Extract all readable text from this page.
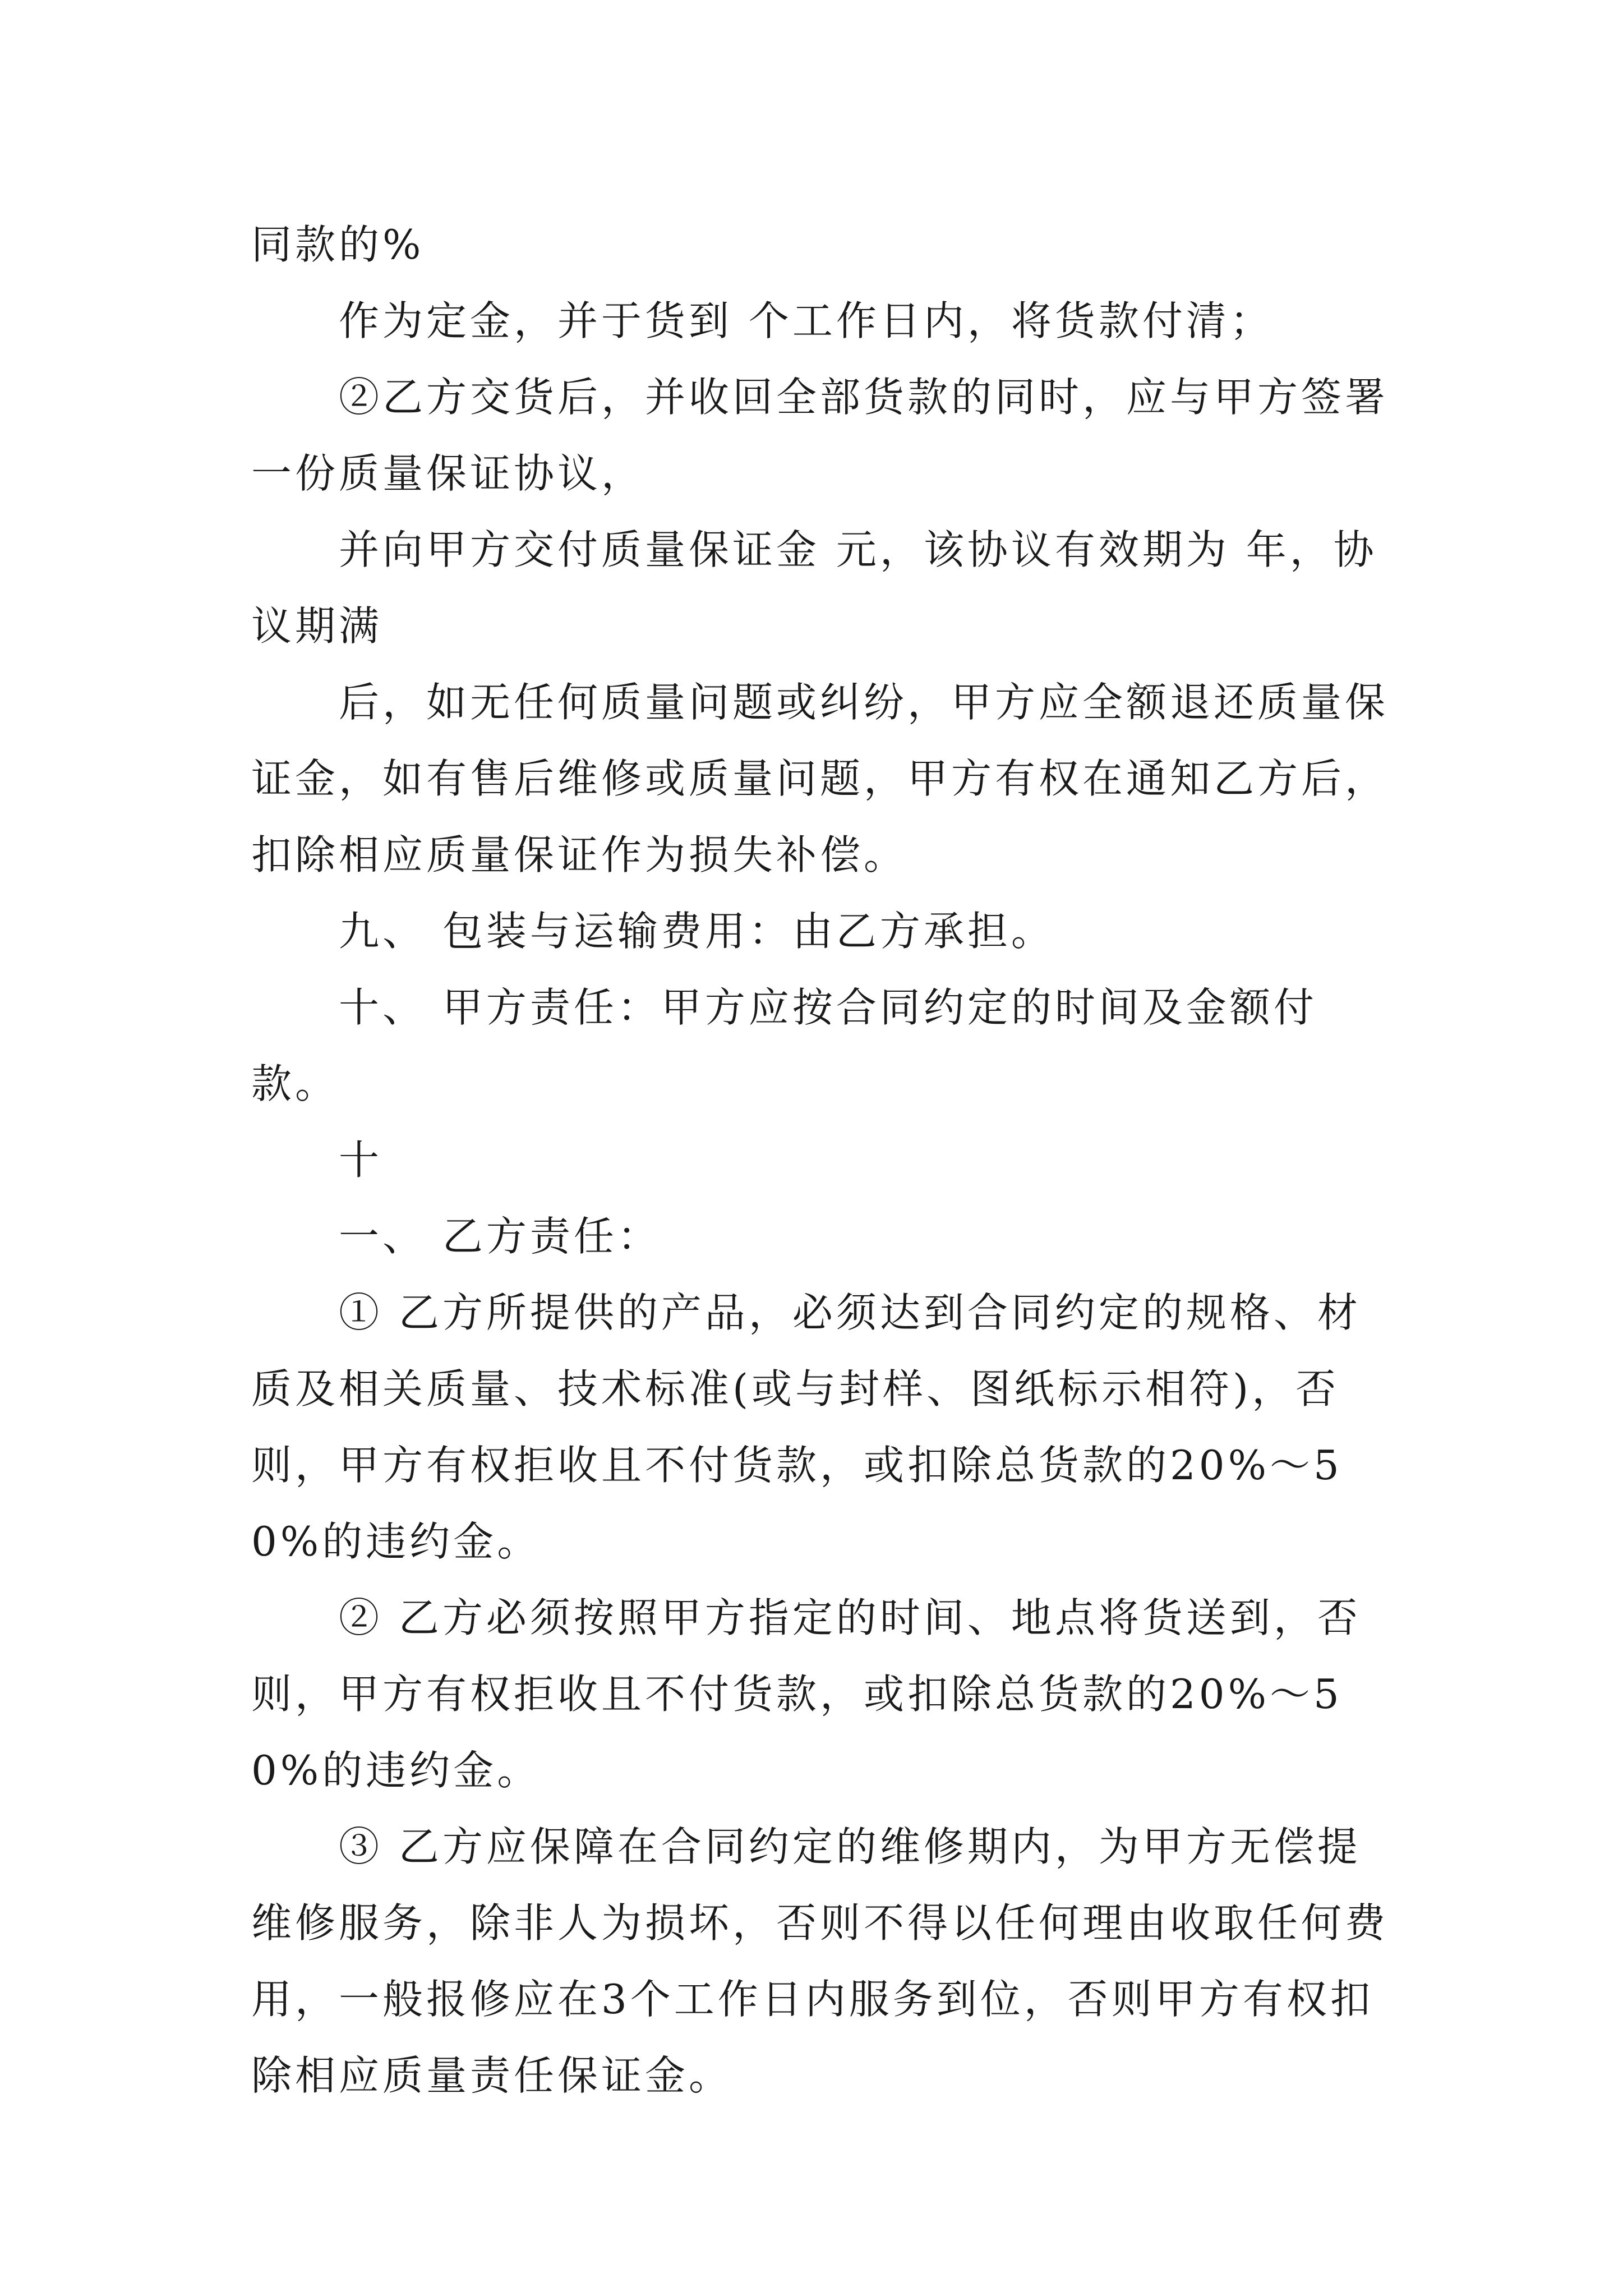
同款的%

作为定金，并于货到 个工作日内，将货款付清；

②乙方交货后，并收回全部货款的同时，应与甲方签署一份质量保证协议，

并向甲方交付质量保证金 元，该协议有效期为 年，协议期满

后，如无任何质量问题或纠纷，甲方应全额退还质量保证金，如有售后维修或质量问题，甲方有权在通知乙方后，扣除相应质量保证作为损失补偿。

九、 包装与运输费用：由乙方承担。

十、 甲方责任：甲方应按合同约定的时间及金额付款。

十

一、 乙方责任：

① 乙方所提供的产品，必须达到合同约定的规格、材质及相关质量、技术标准(或与封样、图纸标示相符)，否则，甲方有权拒收且不付货款，或扣除总货款的20%～50%的违约金。

② 乙方必须按照甲方指定的时间、地点将货送到，否则，甲方有权拒收且不付货款，或扣除总货款的20%～50%的违约金。

③ 乙方应保障在合同约定的维修期内，为甲方无偿提维修服务，除非人为损坏，否则不得以任何理由收取任何费用，一般报修应在3个工作日内服务到位，否则甲方有权扣除相应质量责任保证金。
